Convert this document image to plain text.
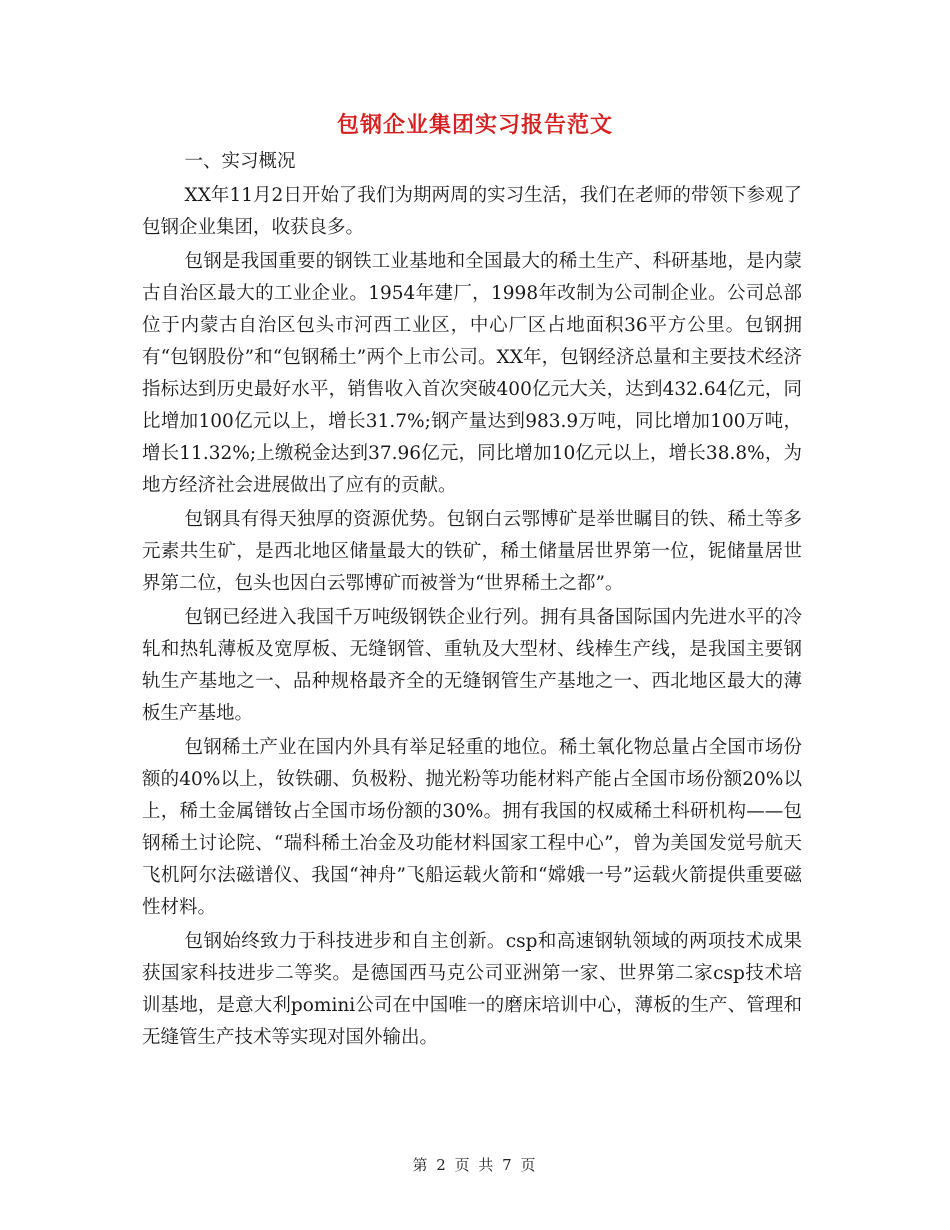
包钢企业集团实习报告范文

一、实习概况

XX年11月2日开始了我们为期两周的实习生活，我们在老师的带领下参观了包钢企业集团，收获良多。

包钢是我国重要的钢铁工业基地和全国最大的稀土生产、科研基地，是内蒙古自治区最大的工业企业。1954年建厂，1998年改制为公司制企业。公司总部位于内蒙古自治区包头市河西工业区，中心厂区占地面积36平方公里。包钢拥有“包钢股份”和“包钢稀土”两个上市公司。XX年，包钢经济总量和主要技术经济指标达到历史最好水平，销售收入首次突破400亿元大关，达到432.64亿元，同比增加100亿元以上，增长31.7%;钢产量达到983.9万吨，同比增加100万吨，增长11.32%;上缴税金达到37.96亿元，同比增加10亿元以上，增长38.8%，为地方经济社会进展做出了应有的贡献。

包钢具有得天独厚的资源优势。包钢白云鄂博矿是举世瞩目的铁、稀土等多元素共生矿，是西北地区储量最大的铁矿，稀土储量居世界第一位，铌储量居世界第二位，包头也因白云鄂博矿而被誉为“世界稀土之都”。

包钢已经进入我国千万吨级钢铁企业行列。拥有具备国际国内先进水平的冷轧和热轧薄板及宽厚板、无缝钢管、重轨及大型材、线棒生产线，是我国主要钢轨生产基地之一、品种规格最齐全的无缝钢管生产基地之一、西北地区最大的薄板生产基地。

包钢稀土产业在国内外具有举足轻重的地位。稀土氧化物总量占全国市场份额的40%以上，钕铁硼、负极粉、抛光粉等功能材料产能占全国市场份额20%以上，稀土金属镨钕占全国市场份额的30%。拥有我国的权威稀土科研机构——包钢稀土讨论院、“瑞科稀土冶金及功能材料国家工程中心”，曾为美国发觉号航天飞机阿尔法磁谱仪、我国“神舟”飞船运载火箭和“嫦娥一号”运载火箭提供重要磁性材料。

包钢始终致力于科技进步和自主创新。csp和高速钢轨领域的两项技术成果获国家科技进步二等奖。是德国西马克公司亚洲第一家、世界第二家csp技术培训基地，是意大利pomini公司在中国唯一的磨床培训中心，薄板的生产、管理和无缝管生产技术等实现对国外输出。

第 2 页 共 7 页
